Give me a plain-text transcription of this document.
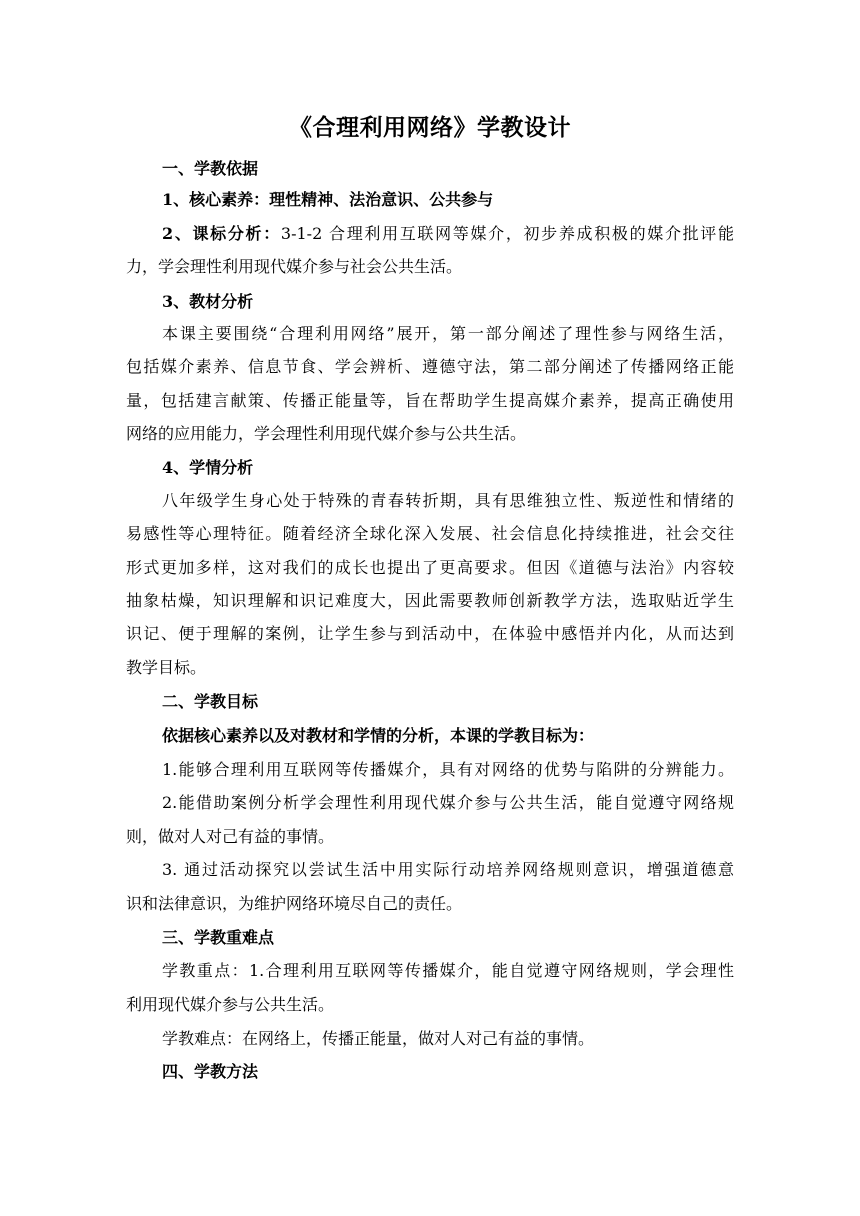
《合理利用网络》学教设计
一、学教依据
1、核心素养：理性精神、法治意识、公共参与
2、课标分析：3-1-2 合理利用互联网等媒介，初步养成积极的媒介批评能
力，学会理性利用现代媒介参与社会公共生活。
3、教材分析
本课主要围绕“合理利用网络”展开，第一部分阐述了理性参与网络生活，
包括媒介素养、信息节食、学会辨析、遵德守法，第二部分阐述了传播网络正能
量，包括建言献策、传播正能量等，旨在帮助学生提高媒介素养，提高正确使用
网络的应用能力，学会理性利用现代媒介参与公共生活。
4、学情分析
八年级学生身心处于特殊的青春转折期，具有思维独立性、叛逆性和情绪的
易感性等心理特征。随着经济全球化深入发展、社会信息化持续推进，社会交往
形式更加多样，这对我们的成长也提出了更高要求。但因《道德与法治》内容较
抽象枯燥，知识理解和识记难度大，因此需要教师创新教学方法，选取贴近学生
识记、便于理解的案例，让学生参与到活动中，在体验中感悟并内化，从而达到
教学目标。
二、学教目标
依据核心素养以及对教材和学情的分析，本课的学教目标为：
1.能够合理利用互联网等传播媒介，具有对网络的优势与陷阱的分辨能力。
2.能借助案例分析学会理性利用现代媒介参与公共生活，能自觉遵守网络规
则，做对人对己有益的事情。
3. 通过活动探究以尝试生活中用实际行动培养网络规则意识，增强道德意
识和法律意识，为维护网络环境尽自己的责任。
三、学教重难点
学教重点：1.合理利用互联网等传播媒介，能自觉遵守网络规则，学会理性
利用现代媒介参与公共生活。
学教难点：在网络上，传播正能量，做对人对己有益的事情。
四、学教方法
